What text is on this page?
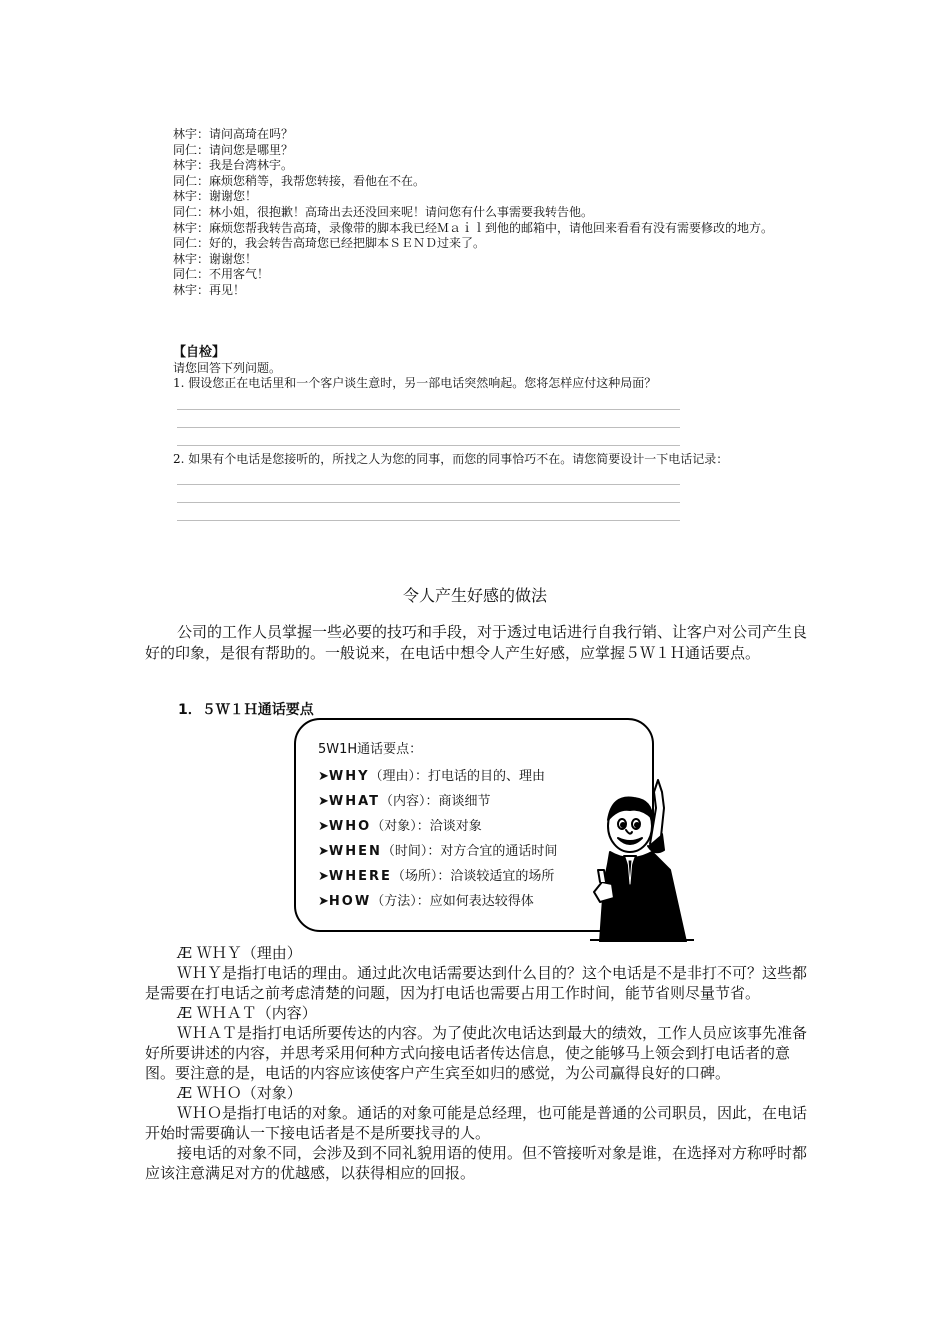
林宇：请问高琦在吗？
同仁：请问您是哪里？
林宇：我是台湾林宇。
同仁：麻烦您稍等，我帮您转接，看他在不在。
林宇：谢谢您！
同仁：林小姐，很抱歉！高琦出去还没回来呢！请问您有什么事需要我转告他。
林宇：麻烦您帮我转告高琦，录像带的脚本我已经Ｍａｉｌ到他的邮箱中，请他回来看看有没有需要修改的地方。
同仁：好的，我会转告高琦您已经把脚本ＳＥＮＤ过来了。
林宇：谢谢您！
同仁：不用客气！
林宇：再见！
【自检】
请您回答下列问题。
1. 假设您正在电话里和一个客户谈生意时，另一部电话突然响起。您将怎样应付这种局面？
2. 如果有个电话是您接听的，所找之人为您的同事，而您的同事恰巧不在。请您简要设计一下电话记录：
令人产生好感的做法
公司的工作人员掌握一些必要的技巧和手段，对于透过电话进行自我行销、让客户对公司产生良好的印象，是很有帮助的。一般说来，在电话中想令人产生好感，应掌握５Ｗ１Ｈ通话要点。
1．５Ｗ１Ｈ通话要点
5W1H通话要点：
➤WHY（理由）：打电话的目的、理由
➤WHAT（内容）：商谈细节
➤WHO（对象）：洽谈对象
➤WHEN（时间）：对方合宜的通话时间
➤WHERE（场所）：洽谈较适宜的场所
➤HOW（方法）：应如何表达较得体
Æ ＷＨＹ（理由）
ＷＨＹ是指打电话的理由。通过此次电话需要达到什么目的？这个电话是不是非打不可？这些都是需要在打电话之前考虑清楚的问题，因为打电话也需要占用工作时间，能节省则尽量节省。
Æ ＷＨＡＴ（内容）
ＷＨＡＴ是指打电话所要传达的内容。为了使此次电话达到最大的绩效，工作人员应该事先准备好所要讲述的内容，并思考采用何种方式向接电话者传达信息，使之能够马上领会到打电话者的意图。要注意的是，电话的内容应该使客户产生宾至如归的感觉，为公司赢得良好的口碑。
Æ ＷＨＯ（对象）
ＷＨＯ是指打电话的对象。通话的对象可能是总经理，也可能是普通的公司职员，因此，在电话开始时需要确认一下接电话者是不是所要找寻的人。
接电话的对象不同，会涉及到不同礼貌用语的使用。但不管接听对象是谁，在选择对方称呼时都应该注意满足对方的优越感，以获得相应的回报。
